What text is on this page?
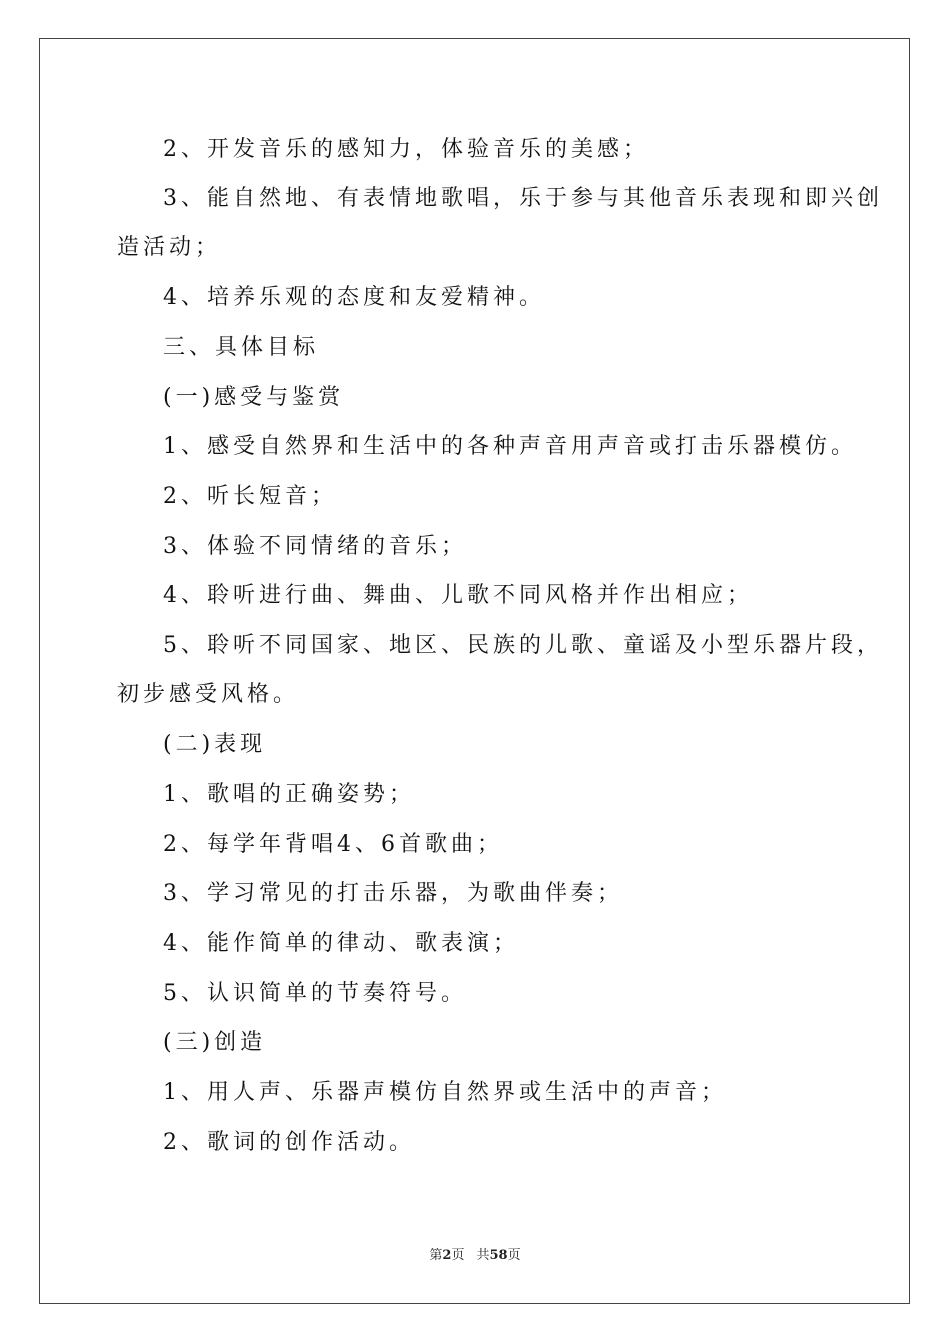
2、开发音乐的感知力，体验音乐的美感；
3、能自然地、有表情地歌唱，乐于参与其他音乐表现和即兴创
造活动；
4、培养乐观的态度和友爱精神。
三、具体目标
(一)感受与鉴赏
1、感受自然界和生活中的各种声音用声音或打击乐器模仿。
2、听长短音；
3、体验不同情绪的音乐；
4、聆听进行曲、舞曲、儿歌不同风格并作出相应；
5、聆听不同国家、地区、民族的儿歌、童谣及小型乐器片段，
初步感受风格。
(二)表现
1、歌唱的正确姿势；
2、每学年背唱4、6首歌曲；
3、学习常见的打击乐器，为歌曲伴奏；
4、能作简单的律动、歌表演；
5、认识简单的节奏符号。
(三)创造
1、用人声、乐器声模仿自然界或生活中的声音；
2、歌词的创作活动。
第2页 共58页
